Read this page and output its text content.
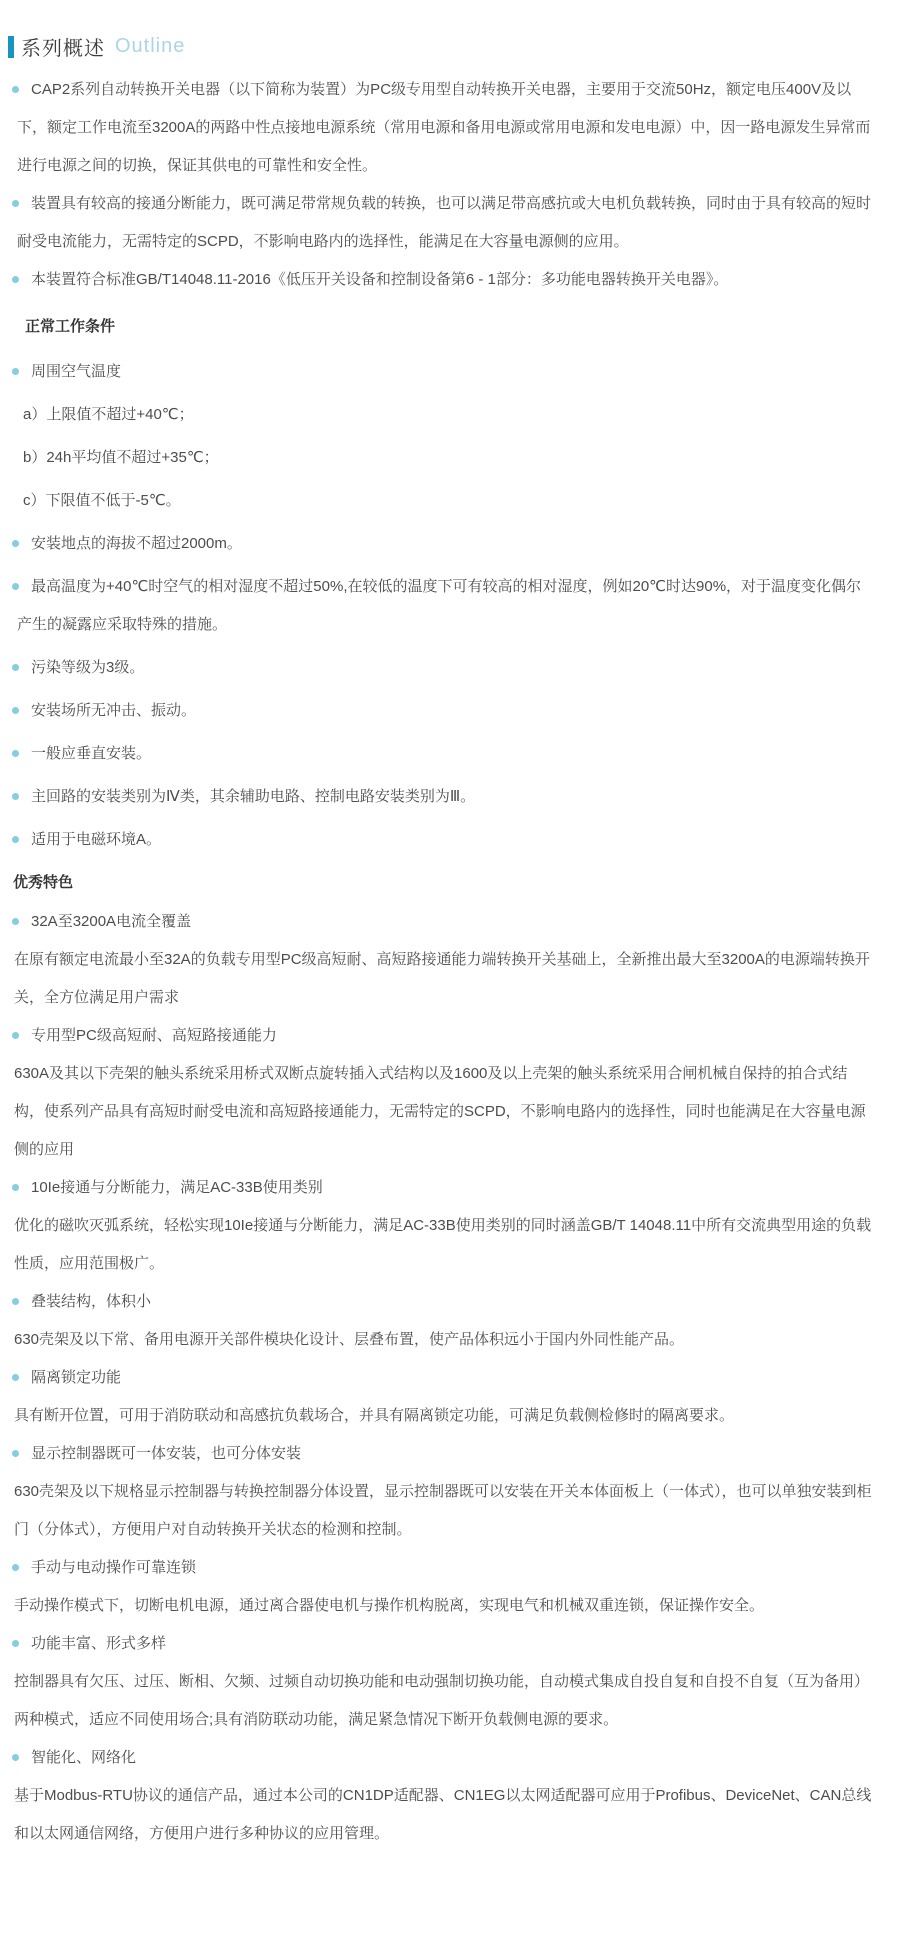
系列概述 Outline
CAP2系列自动转换开关电器（以下简称为装置）为PC级专用型自动转换开关电器，主要用于交流50Hz，额定电压400V及以下，额定工作电流至3200A的两路中性点接地电源系统（常用电源和备用电源或常用电源和发电电源）中，因一路电源发生异常而进行电源之间的切换，保证其供电的可靠性和安全性。
装置具有较高的接通分断能力，既可满足带常规负载的转换，也可以满足带高感抗或大电机负载转换，同时由于具有较高的短时耐受电流能力，无需特定的SCPD，不影响电路内的选择性，能满足在大容量电源侧的应用。
本装置符合标准GB/T14048.11-2016《低压开关设备和控制设备第6 - 1部分：多功能电器转换开关电器》。
正常工作条件
周围空气温度
a）上限值不超过+40℃；
b）24h平均值不超过+35℃；
c）下限值不低于-5℃。
安装地点的海拔不超过2000m。
最高温度为+40℃时空气的相对湿度不超过50%,在较低的温度下可有较高的相对湿度，例如20℃时达90%，对于温度变化偶尔产生的凝露应采取特殊的措施。
污染等级为3级。
安装场所无冲击、振动。
一般应垂直安装。
主回路的安装类别为Ⅳ类，其余辅助电路、控制电路安装类别为Ⅲ。
适用于电磁环境A。
优秀特色
32A至3200A电流全覆盖
在原有额定电流最小至32A的负载专用型PC级高短耐、高短路接通能力端转换开关基础上，全新推出最大至3200A的电源端转换开关，全方位满足用户需求
专用型PC级高短耐、高短路接通能力
630A及其以下壳架的触头系统采用桥式双断点旋转插入式结构以及1600及以上壳架的触头系统采用合闸机械自保持的拍合式结构，使系列产品具有高短时耐受电流和高短路接通能力，无需特定的SCPD，不影响电路内的选择性，同时也能满足在大容量电源侧的应用
10Ie接通与分断能力，满足AC-33B使用类别
优化的磁吹灭弧系统，轻松实现10Ie接通与分断能力，满足AC-33B使用类别的同时涵盖GB/T 14048.11中所有交流典型用途的负载性质，应用范围极广。
叠装结构，体积小
630壳架及以下常、备用电源开关部件模块化设计、层叠布置，使产品体积远小于国内外同性能产品。
隔离锁定功能
具有断开位置，可用于消防联动和高感抗负载场合，并具有隔离锁定功能，可满足负载侧检修时的隔离要求。
显示控制器既可一体安装，也可分体安装
630壳架及以下规格显示控制器与转换控制器分体设置，显示控制器既可以安装在开关本体面板上（一体式），也可以单独安装到柜门（分体式），方便用户对自动转换开关状态的检测和控制。
手动与电动操作可靠连锁
手动操作模式下，切断电机电源，通过离合器使电机与操作机构脱离，实现电气和机械双重连锁，保证操作安全。
功能丰富、形式多样
控制器具有欠压、过压、断相、欠频、过频自动切换功能和电动强制切换功能，自动模式集成自投自复和自投不自复（互为备用）两种模式，适应不同使用场合;具有消防联动功能，满足紧急情况下断开负载侧电源的要求。
智能化、网络化
基于Modbus-RTU协议的通信产品，通过本公司的CN1DP适配器、CN1EG以太网适配器可应用于Profibus、DeviceNet、CAN总线和以太网通信网络，方便用户进行多种协议的应用管理。
